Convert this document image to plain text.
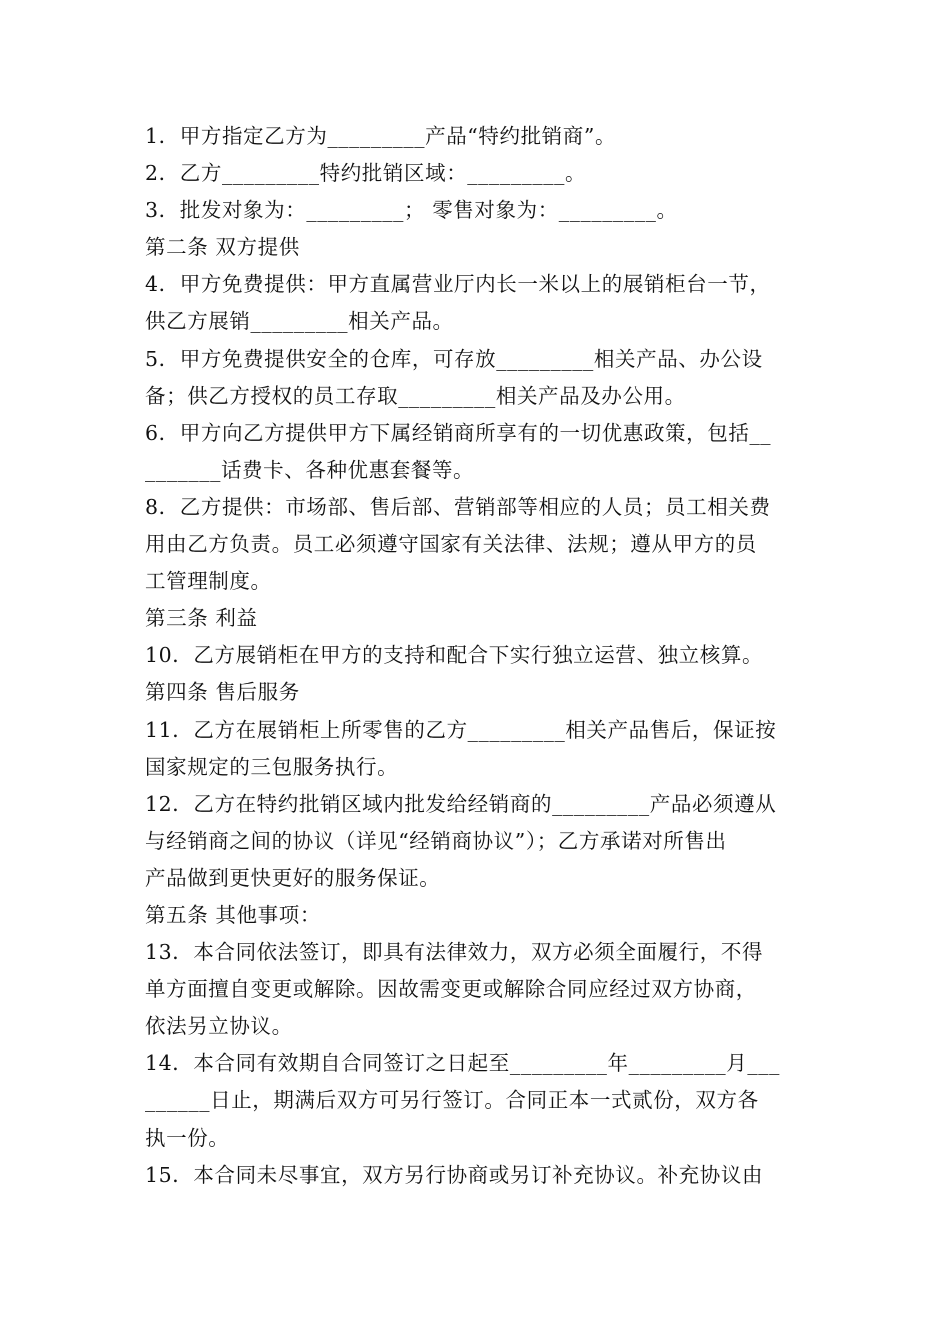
1．甲方指定乙方为_________产品“特约批销商”。
2．乙方_________特约批销区域：_________。
3．批发对象为：_________； 零售对象为：_________。
第二条 双方提供
4．甲方免费提供：甲方直属营业厅内长一米以上的展销柜台一节，
供乙方展销_________相关产品。
5．甲方免费提供安全的仓库，可存放_________相关产品、办公设
备；供乙方授权的员工存取_________相关产品及办公用。
6．甲方向乙方提供甲方下属经销商所享有的一切优惠政策，包括__
_______话费卡、各种优惠套餐等。
8．乙方提供：市场部、售后部、营销部等相应的人员；员工相关费
用由乙方负责。员工必须遵守国家有关法律、法规；遵从甲方的员
工管理制度。
第三条 利益
10．乙方展销柜在甲方的支持和配合下实行独立运营、独立核算。
第四条 售后服务
11．乙方在展销柜上所零售的乙方_________相关产品售后，保证按
国家规定的三包服务执行。
12．乙方在特约批销区域内批发给经销商的_________产品必须遵从
与经销商之间的协议（详见“经销商协议”）；乙方承诺对所售出
产品做到更快更好的服务保证。
第五条 其他事项：
13．本合同依法签订，即具有法律效力，双方必须全面履行，不得
单方面擅自变更或解除。因故需变更或解除合同应经过双方协商，
依法另立协议。
14．本合同有效期自合同签订之日起至_________年_________月___
______日止，期满后双方可另行签订。合同正本一式贰份，双方各
执一份。
15．本合同未尽事宜，双方另行协商或另订补充协议。补充协议由
